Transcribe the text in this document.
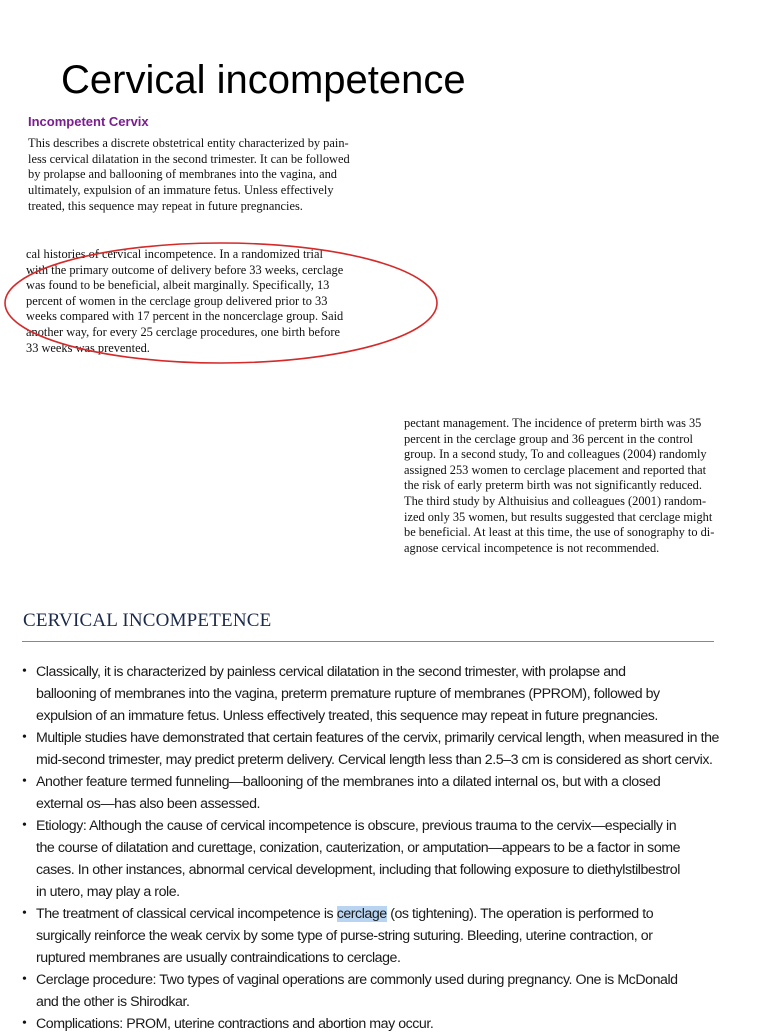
Cervical incompetence
Incompetent Cervix
This describes a discrete obstetrical entity characterized by pain-
less cervical dilatation in the second trimester. It can be followed
by prolapse and ballooning of membranes into the vagina, and
ultimately, expulsion of an immature fetus. Unless effectively
treated, this sequence may repeat in future pregnancies.
cal histories of cervical incompetence. In a randomized trial
with the primary outcome of delivery before 33 weeks, cerclage
was found to be beneficial, albeit marginally. Specifically, 13
percent of women in the cerclage group delivered prior to 33
weeks compared with 17 percent in the noncerclage group. Said
another way, for every 25 cerclage procedures, one birth before
33 weeks was prevented.
pectant management. The incidence of preterm birth was 35
percent in the cerclage group and 36 percent in the control
group. In a second study, To and colleagues (2004) randomly
assigned 253 women to cerclage placement and reported that
the risk of early preterm birth was not significantly reduced.
The third study by Althuisius and colleagues (2001) random-
ized only 35 women, but results suggested that cerclage might
be beneficial. At least at this time, the use of sonography to di-
agnose cervical incompetence is not recommended.
CERVICAL INCOMPETENCE
• Classically, it is characterized by painless cervical dilatation in the second trimester, with prolapse and
ballooning of membranes into the vagina, preterm premature rupture of membranes (PPROM), followed by
expulsion of an immature fetus. Unless effectively treated, this sequence may repeat in future pregnancies.
• Multiple studies have demonstrated that certain features of the cervix, primarily cervical length, when measured in the
mid-second trimester, may predict preterm delivery. Cervical length less than 2.5–3 cm is considered as short cervix.
• Another feature termed funneling—ballooning of the membranes into a dilated internal os, but with a closed
external os—has also been assessed.
• Etiology: Although the cause of cervical incompetence is obscure, previous trauma to the cervix—especially in
the course of dilatation and curettage, conization, cauterization, or amputation—appears to be a factor in some
cases. In other instances, abnormal cervical development, including that following exposure to diethylstilbestrol
in utero, may play a role.
• The treatment of classical cervical incompetence is cerclage (os tightening). The operation is performed to
surgically reinforce the weak cervix by some type of purse-string suturing. Bleeding, uterine contraction, or
ruptured membranes are usually contraindications to cerclage.
• Cerclage procedure: Two types of vaginal operations are commonly used during pregnancy. One is McDonald
and the other is Shirodkar.
• Complications: PROM, uterine contractions and abortion may occur.
